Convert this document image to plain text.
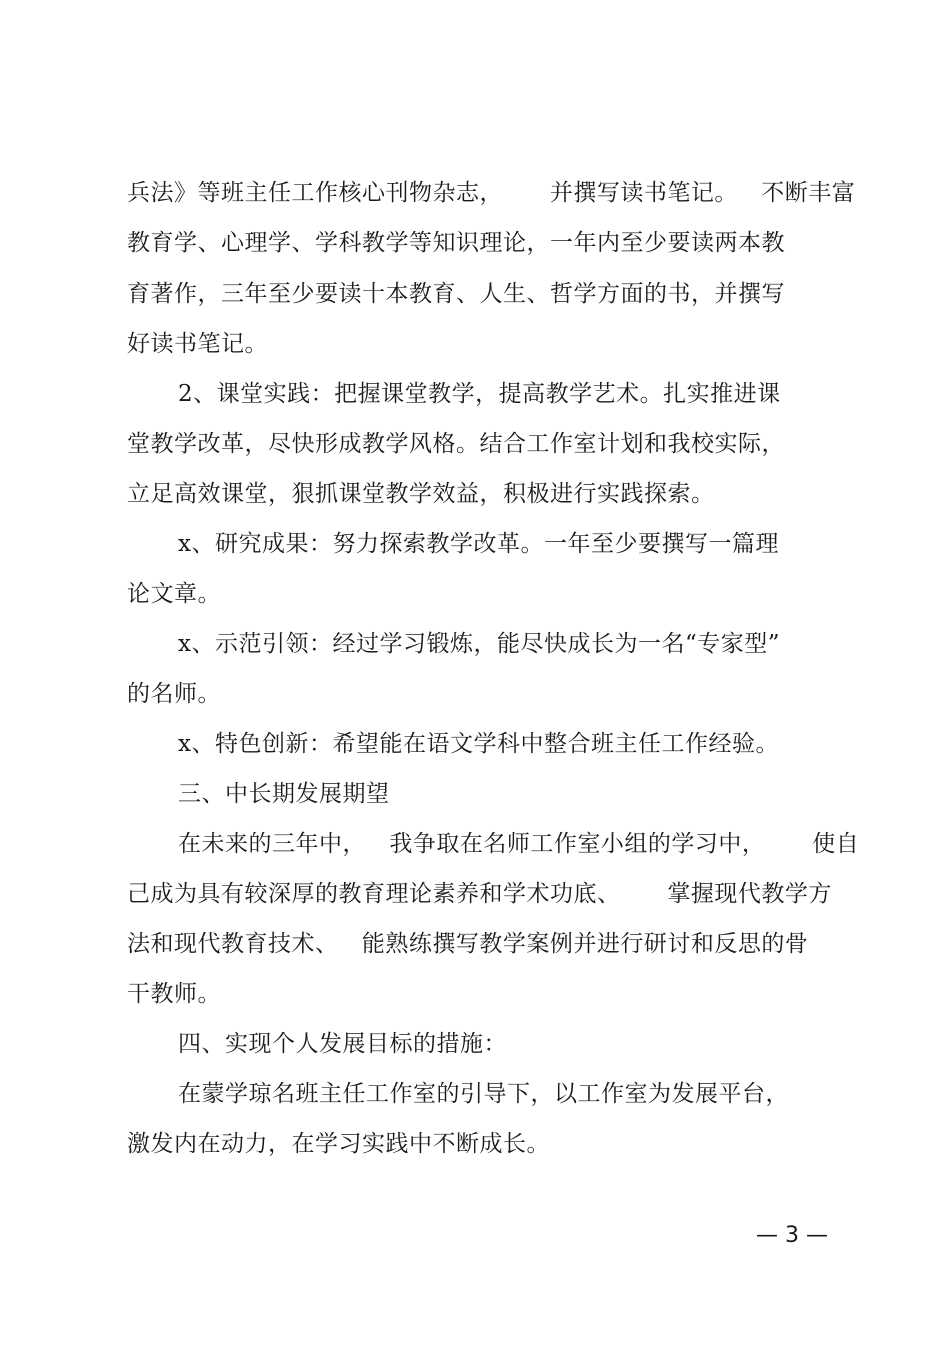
兵法》等班主任工作核心刊物杂志，      并撰写读书笔记。   不断丰富
教育学、心理学、学科教学等知识理论，一年内至少要读两本教
育著作，三年至少要读十本教育、人生、哲学方面的书，并撰写
好读书笔记。
2、课堂实践：把握课堂教学，提高教学艺术。扎实推进课
堂教学改革，尽快形成教学风格。结合工作室计划和我校实际，
立足高效课堂，狠抓课堂教学效益，积极进行实践探索。
x、研究成果：努力探索教学改革。一年至少要撰写一篇理
论文章。
x、示范引领：经过学习锻炼，能尽快成长为一名“专家型”
的名师。
x、特色创新：希望能在语文学科中整合班主任工作经验。
三、中长期发展期望
在未来的三年中，   我争取在名师工作室小组的学习中，      使自
己成为具有较深厚的教育理论素养和学术功底、      掌握现代教学方
法和现代教育技术、   能熟练撰写教学案例并进行研讨和反思的骨
干教师。
四、实现个人发展目标的措施：
在蒙学琼名班主任工作室的引导下，以工作室为发展平台，
激发内在动力，在学习实践中不断成长。
— 3 —
